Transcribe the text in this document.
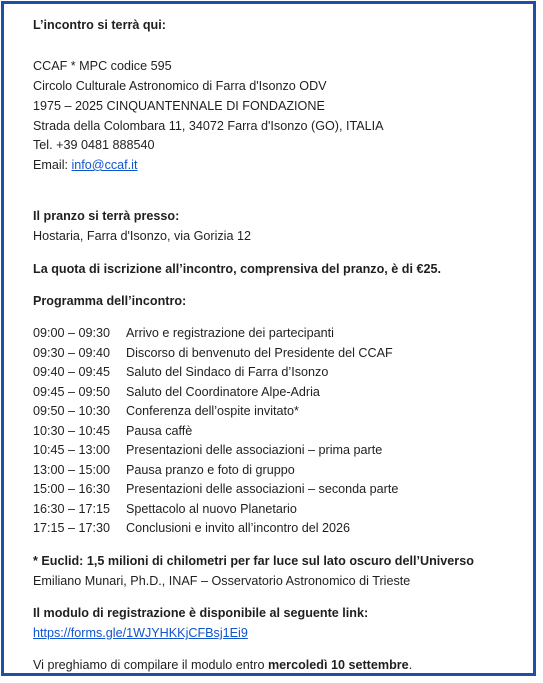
L’incontro si terrà qui:
CCAF * MPC codice 595
Circolo Culturale Astronomico di Farra d'Isonzo ODV
1975 – 2025 CINQUANTENNALE DI FONDAZIONE
Strada della Colombara 11, 34072 Farra d'Isonzo (GO), ITALIA
Tel. +39 0481 888540
Email: info@ccaf.it
Il pranzo si terrà presso:
Hostaria, Farra d'Isonzo, via Gorizia 12
La quota di iscrizione all’incontro, comprensiva del pranzo, è di €25.
Programma dell’incontro:
09:00 – 09:30 Arrivo e registrazione dei partecipanti
09:30 – 09:40 Discorso di benvenuto del Presidente del CCAF
09:40 – 09:45 Saluto del Sindaco di Farra d’Isonzo
09:45 – 09:50 Saluto del Coordinatore Alpe-Adria
09:50 – 10:30 Conferenza dell’ospite invitato*
10:30 – 10:45 Pausa caffè
10:45 – 13:00 Presentazioni delle associazioni – prima parte
13:00 – 15:00 Pausa pranzo e foto di gruppo
15:00 – 16:30 Presentazioni delle associazioni – seconda parte
16:30 – 17:15 Spettacolo al nuovo Planetario
17:15 – 17:30 Conclusioni e invito all’incontro del 2026
* Euclid: 1,5 milioni di chilometri per far luce sul lato oscuro dell’Universo
Emiliano Munari, Ph.D., INAF – Osservatorio Astronomico di Trieste
Il modulo di registrazione è disponibile al seguente link:
https://forms.gle/1WJYHKKjCFBsj1Ei9
Vi preghiamo di compilare il modulo entro mercoledì 10 settembre.
